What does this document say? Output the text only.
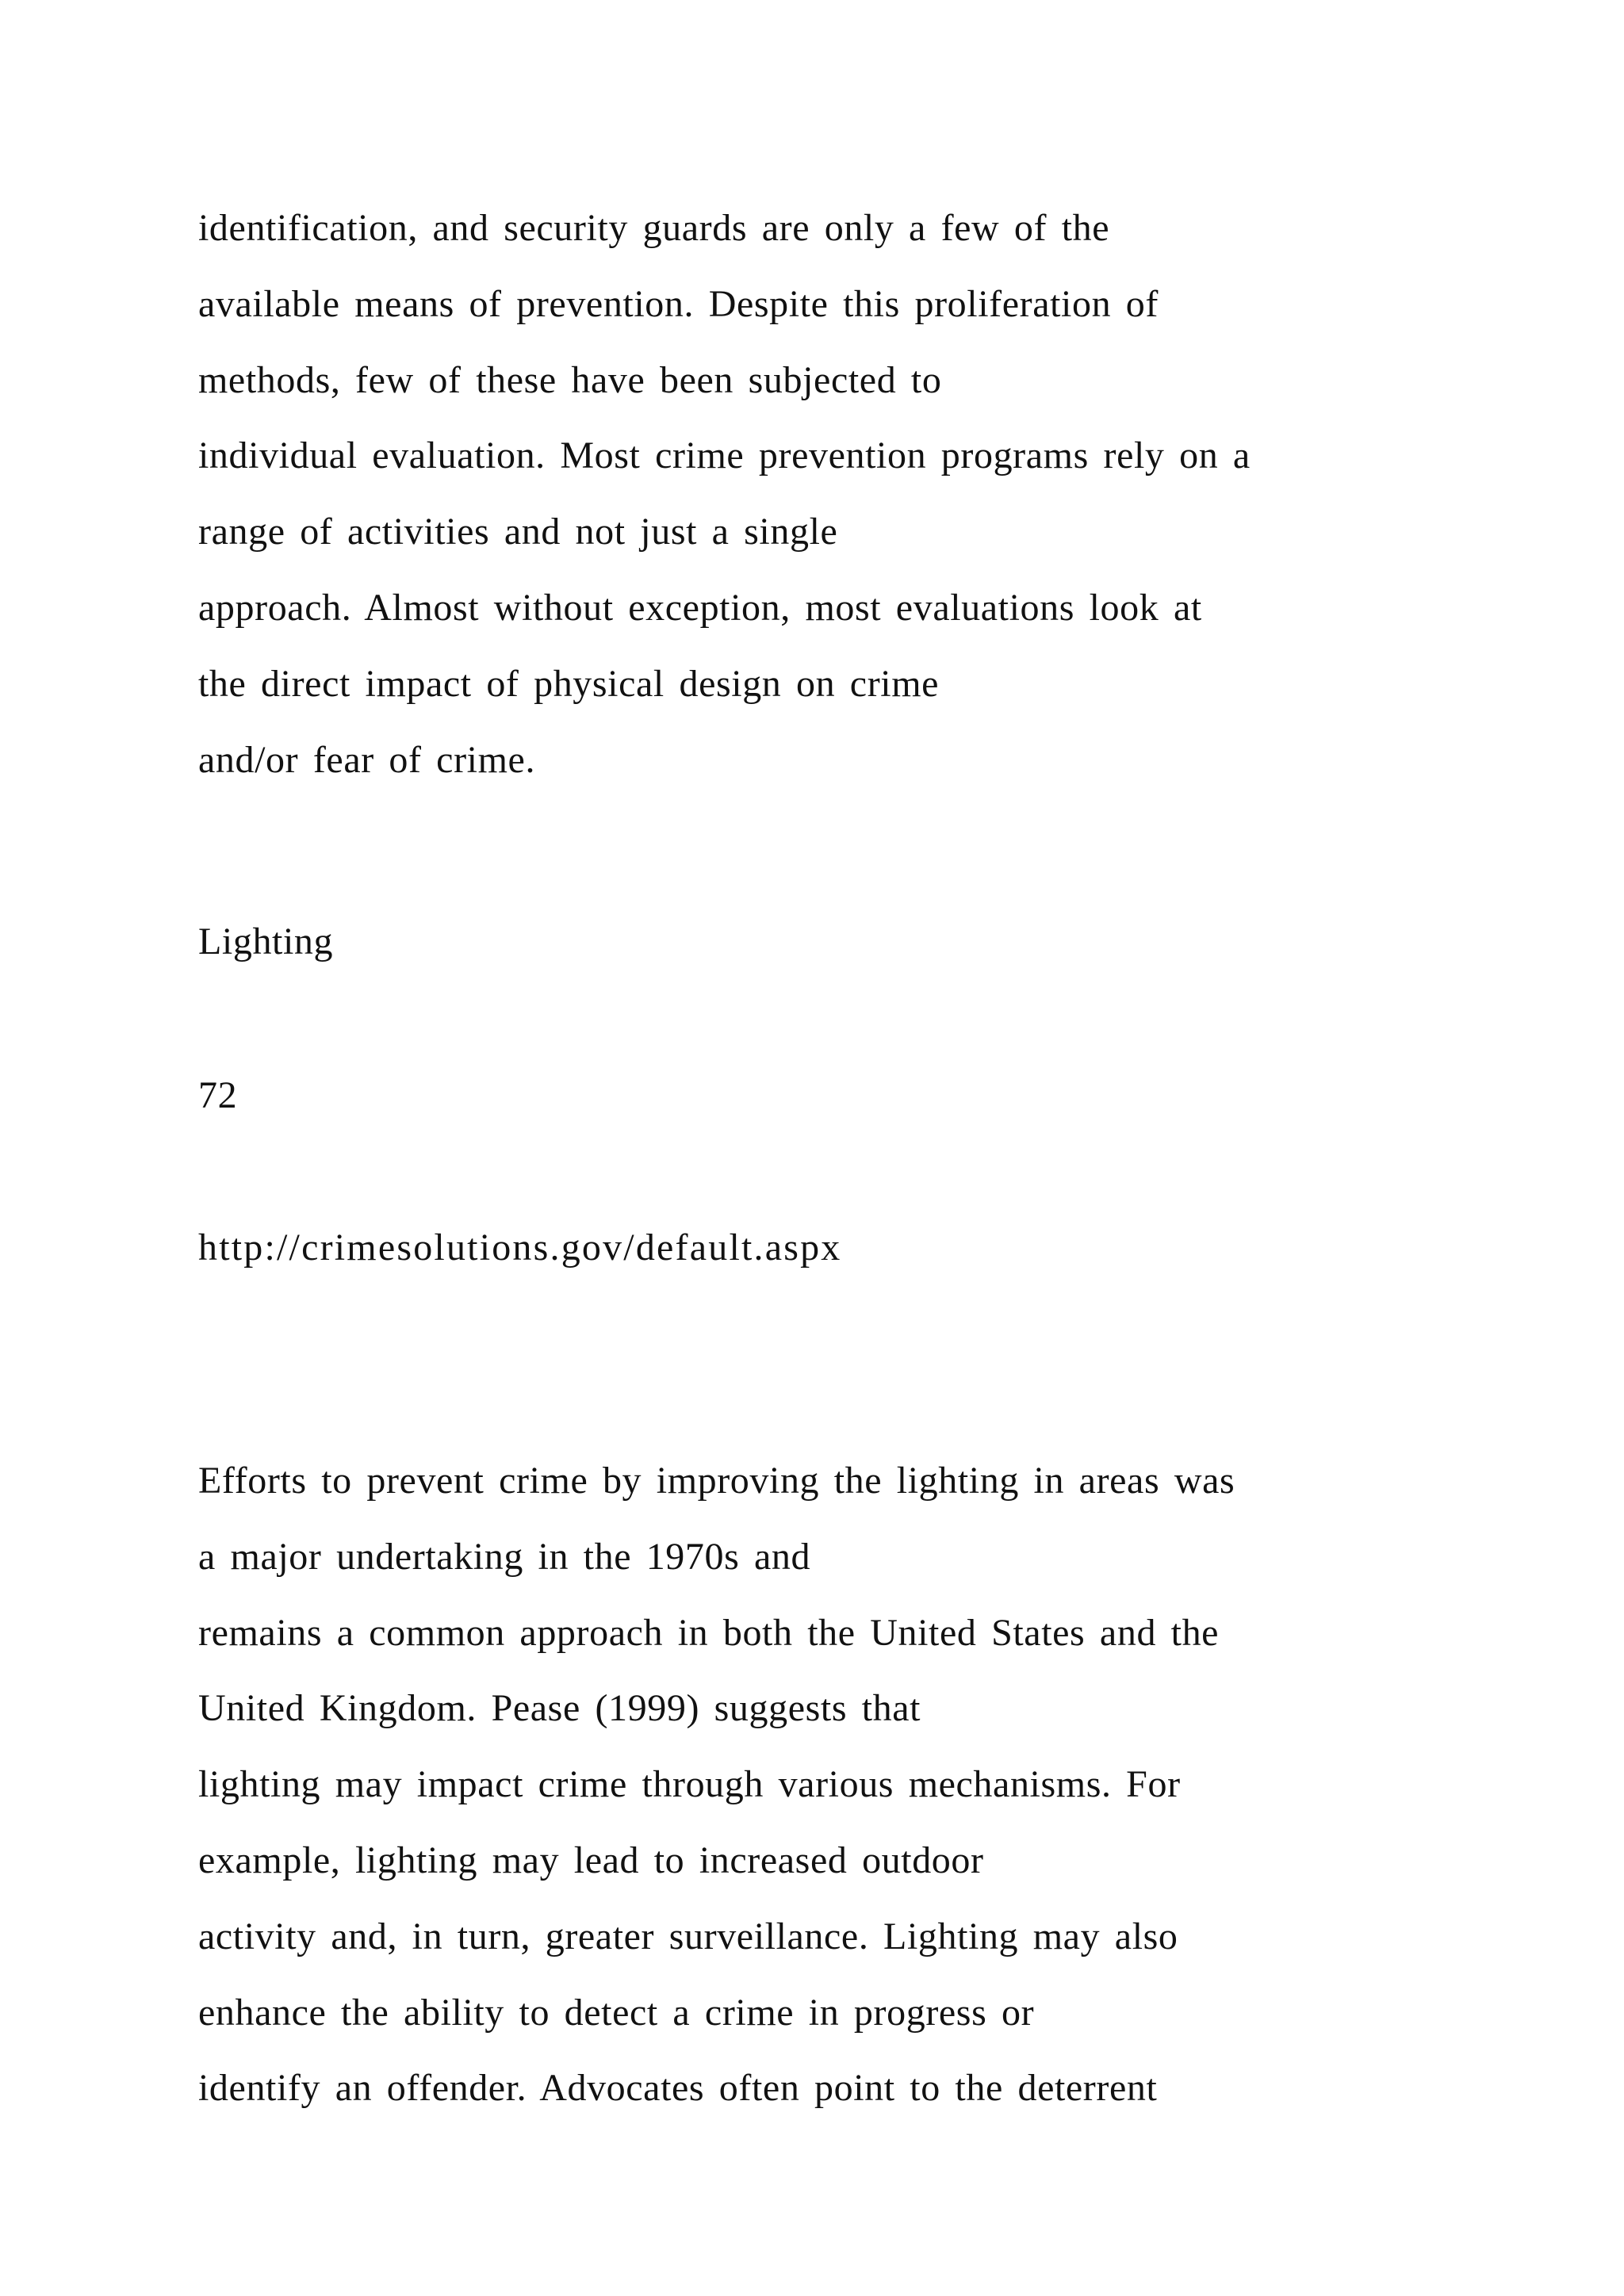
identification, and security guards are only a few of the
available means of prevention. Despite this proliferation of
methods, few of these have been subjected to
individual evaluation. Most crime prevention programs rely on a
range of activities and not just a single
approach. Almost without exception, most evaluations look at
the direct impact of physical design on crime
and/or fear of crime.
Lighting
72
http://crimesolutions.gov/default.aspx
Efforts to prevent crime by improving the lighting in areas was
a major undertaking in the 1970s and
remains a common approach in both the United States and the
United Kingdom. Pease (1999) suggests that
lighting may impact crime through various mechanisms. For
example, lighting may lead to increased outdoor
activity and, in turn, greater surveillance. Lighting may also
enhance the ability to detect a crime in progress or
identify an offender. Advocates often point to the deterrent
